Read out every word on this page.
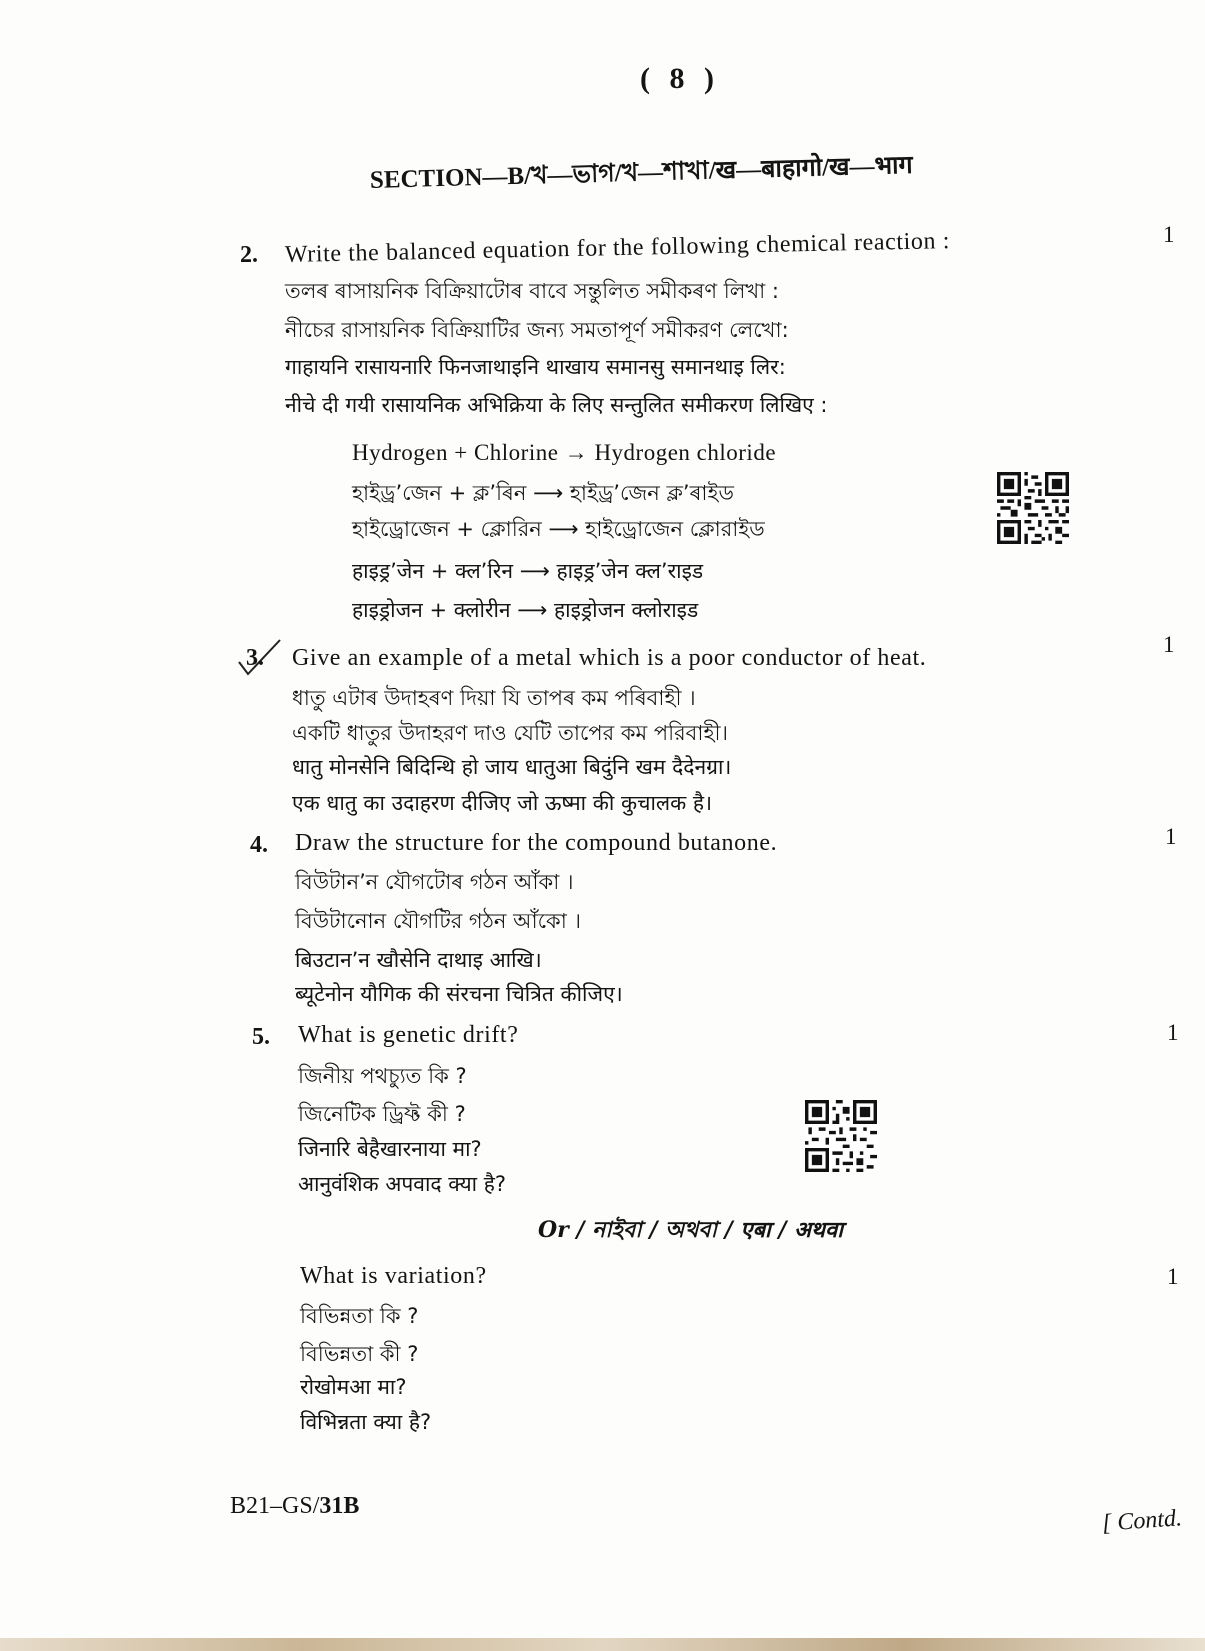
( 8 )
SECTION—B/খ—ভাগ/খ—শাখা/ख—बाहागो/ख—भाग
2. Write the balanced equation for the following chemical reaction :	1
তলৰ ৰাসায়নিক বিক্ৰিয়াটোৰ বাবে সন্তুলিত সমীকৰণ লিখা :
নীচের রাসায়নিক বিক্রিয়াটির জন্য সমতাপূর্ণ সমীকরণ লেখো:
गाहायनि रासायनारि फिनजाथाइनि थाखाय समानसु समानथाइ लिर:
नीचे दी गयी रासायनिक अभिक्रिया के लिए सन्तुलित समीकरण लिखिए :
Hydrogen + Chlorine → Hydrogen chloride
হাইড্ৰ’জেন + ক্ল’ৰিন ⟶ হাইড্ৰ’জেন ক্ল’ৰাইড
হাইড্রোজেন + ক্লোরিন ⟶ হাইড্রোজেন ক্লোরাইড
हाइड्रʼजेन + क्लʼरिन ⟶ हाइड्रʼजेन क्लʼराइड
हाइड्रोजन + क्लोरीन ⟶ हाइड्रोजन क्लोराइड
3. Give an example of a metal which is a poor conductor of heat.
1
ধাতু এটাৰ উদাহৰণ দিয়া যি তাপৰ কম পৰিবাহী ।
একটি ধাতুর উদাহরণ দাও যেটি তাপের কম পরিবাহী।
धातु मोनसेनि बिदिन्थि हो जाय धातुआ बिदुंनि खम दैदेनग्रा।
एक धातु का उदाहरण दीजिए जो ऊष्मा की कुचालक है।
4. Draw the structure for the compound butanone.	1
বিউটান’ন যৌগটোৰ গঠন আঁকা ।
বিউটানোন যৌগটির গঠন আঁকো ।
बिउटानʼन खौसेनि दाथाइ आखि।
ब्यूटेनोन यौगिक की संरचना चित्रित कीजिए।
5. What is genetic drift?	1
জিনীয় পথচ্যুত কি ?
জিনেটিক ড্রিফ্ট কী ?
जिनारि बेहैखारनाया मा?
आनुवंशिक अपवाद क्या है?
Or / নাইবা / অথবা / एबा / अथवा
What is variation?	1
বিভিন্নতা কি ?
বিভিন্নতা কী ?
रोखोमआ मा?
विभिन्नता क्या है?
B21–GS/31B	[ Contd.
